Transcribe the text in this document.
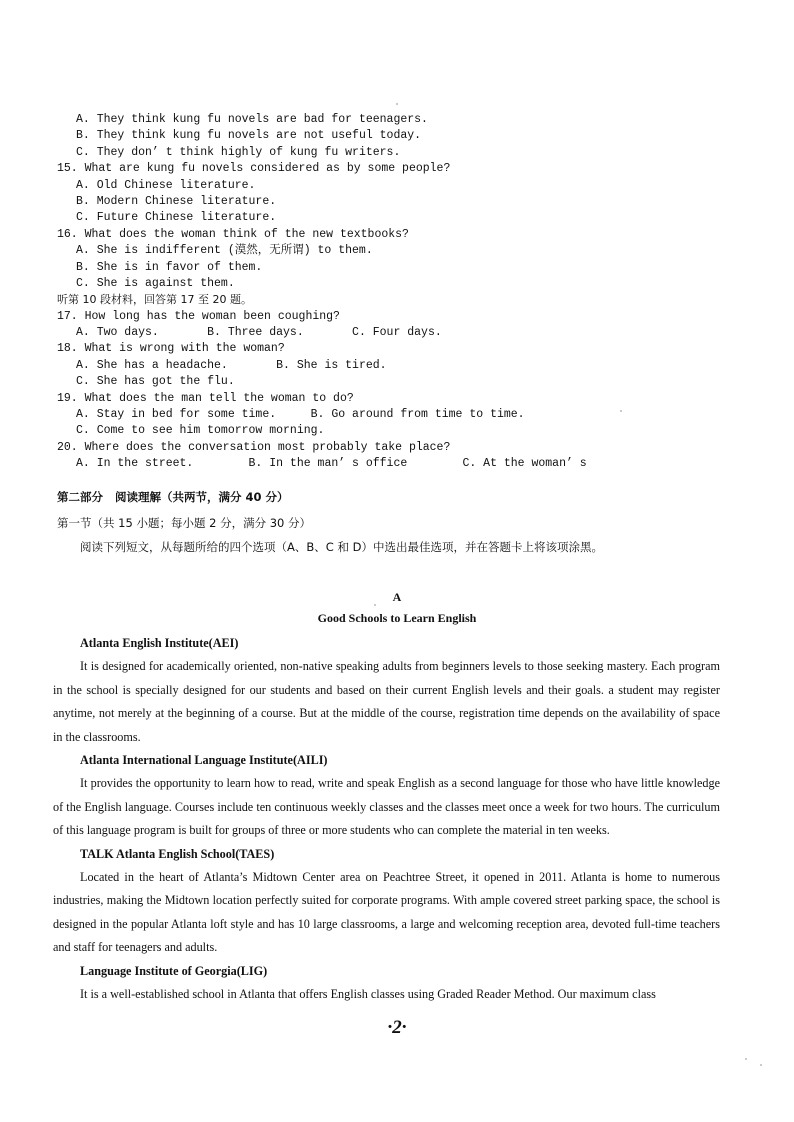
A. They think kung fu novels are bad for teenagers.
B. They think kung fu novels are not useful today.
C. They don’ t think highly of kung fu writers.
15. What are kung fu novels considered as by some people?
A. Old Chinese literature.
B. Modern Chinese literature.
C. Future Chinese literature.
16. What does the woman think of the new textbooks?
A. She is indifferent (漠然，无所谓) to them.
B. She is in favor of them.
C. She is against them.
听第 10 段材料，回答第 17 至 20 题。
17. How long has the woman been coughing?
A. Two days.       B. Three days.       C. Four days.
18. What is wrong with the woman?
A. She has a headache.       B. She is tired.
C. She has got the flu.
19. What does the man tell the woman to do?
A. Stay in bed for some time.     B. Go around from time to time.
C. Come to see him tomorrow morning.
20. Where does the conversation most probably take place?
A. In the street.        B. In the man’ s office        C. At the woman’ s
第二部分   阅读理解（共两节，满分 40 分）
第一节（共 15 小题；每小题 2 分，满分 30 分）
阅读下列短文，从每题所给的四个选项（A、B、C 和 D）中选出最佳选项，并在答题卡上将该项涂黑。
A
Good Schools to Learn English
Atlanta English Institute(AEI)
It is designed for academically oriented, non-native speaking adults from beginners levels to those seeking mastery. Each program in the school is specially designed for our students and based on their current English levels and their goals. a student may register anytime, not merely at the beginning of a course. But at the middle of the course, registration time depends on the availability of space in the classrooms.
Atlanta International Language Institute(AILI)
It provides the opportunity to learn how to read, write and speak English as a second language for those who have little knowledge of the English language. Courses include ten continuous weekly classes and the classes meet once a week for two hours. The curriculum of this language program is built for groups of three or more students who can complete the material in ten weeks.
TALK Atlanta English School(TAES)
Located in the heart of Atlanta’s Midtown Center area on Peachtree Street, it opened in 2011. Atlanta is home to numerous industries, making the Midtown location perfectly suited for corporate programs. With ample covered street parking space, the school is designed in the popular Atlanta loft style and has 10 large classrooms, a large and welcoming reception area, devoted full-time teachers and staff for teenagers and adults.
Language Institute of Georgia(LIG)
It is a well-established school in Atlanta that offers English classes using Graded Reader Method. Our maximum class
·2·
